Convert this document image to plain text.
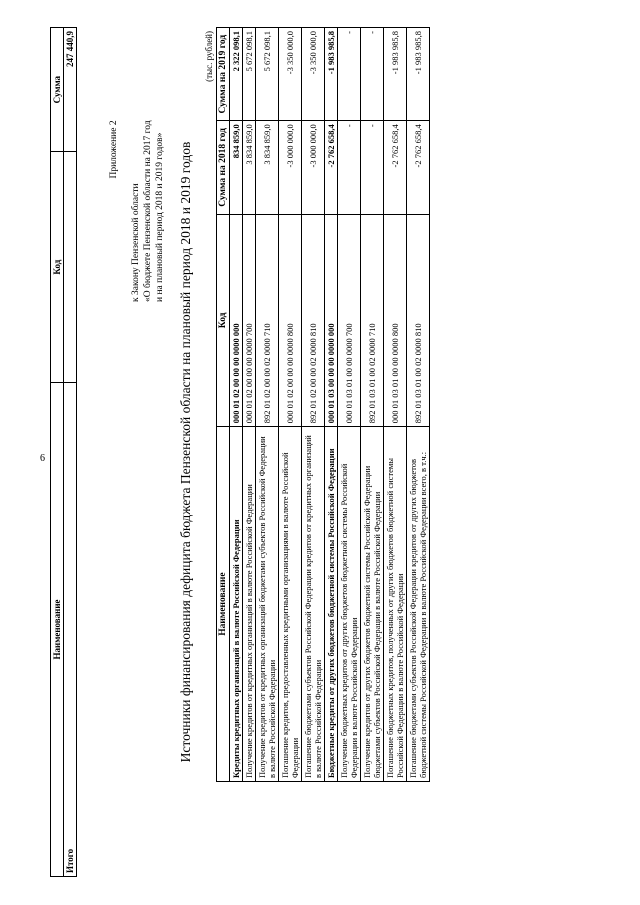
6
Наименование	Код	Сумма
Итого		247 440,9
Приложение 2
к Закону Пензенской области «О бюджете Пензенской области на 2017 год и на плановый период 2018 и 2019 годов» Источники финансирования дефицита бюджета Пензенской области на плановый период 2018 и 2019 годов
(тыс. рублей)
Наименование	Код	Сумма на 2018 год	Сумма на 2019 год
Кредиты кредитных организаций в валюте Российской Федерации	000 01 02 00 00 00 0000 000	834 859,0	2 322 098,1
Получение кредитов от кредитных организаций в валюте Российской Федерации	000 01 02 00 00 00 0000 700	3 834 859,0	5 672 098,1
Получение кредитов от кредитных организаций бюджетами субъектов Российской Федерации в валюте Российской Федерации	892 01 02 00 00 02 0000 710	3 834 859,0	5 672 098,1
Погашение кредитов, предоставленных кредитными организациями в валюте Российской Федерации	000 01 02 00 00 00 0000 800	-3 000 000,0	-3 350 000,0
Погашение бюджетами субъектов Российской Федерации кредитов от кредитных организаций в валюте Российской Федерации	892 01 02 00 00 02 0000 810	-3 000 000,0	-3 350 000,0
Бюджетные кредиты от других бюджетов бюджетной системы Российской Федерации	000 01 03 00 00 00 0000 000	-2 762 658,4	-1 983 985,8
Получение бюджетных кредитов от других бюджетов бюджетной системы Российской Федерации в валюте Российской Федерации	000 01 03 01 00 00 0000 700	-	-
Получение кредитов от других бюджетов бюджетной системы Российской Федерации бюджетами субъектов Российской Федерации в валюте Российской Федерации	892 01 03 01 00 02 0000 710	-	-
Погашение бюджетных кредитов, полученных от других бюджетов бюджетной системы Российской Федерации в валюте Российской Федерации	000 01 03 01 00 00 0000 800	-2 762 658,4	-1 983 985,8
Погашение бюджетами субъектов Российской Федерации кредитов от других бюджетов бюджетной системы Российской Федерации в валюте Российской Федерации всего, в т.ч.:	892 01 03 01 00 02 0000 810	-2 762 658,4	-1 983 985,8
